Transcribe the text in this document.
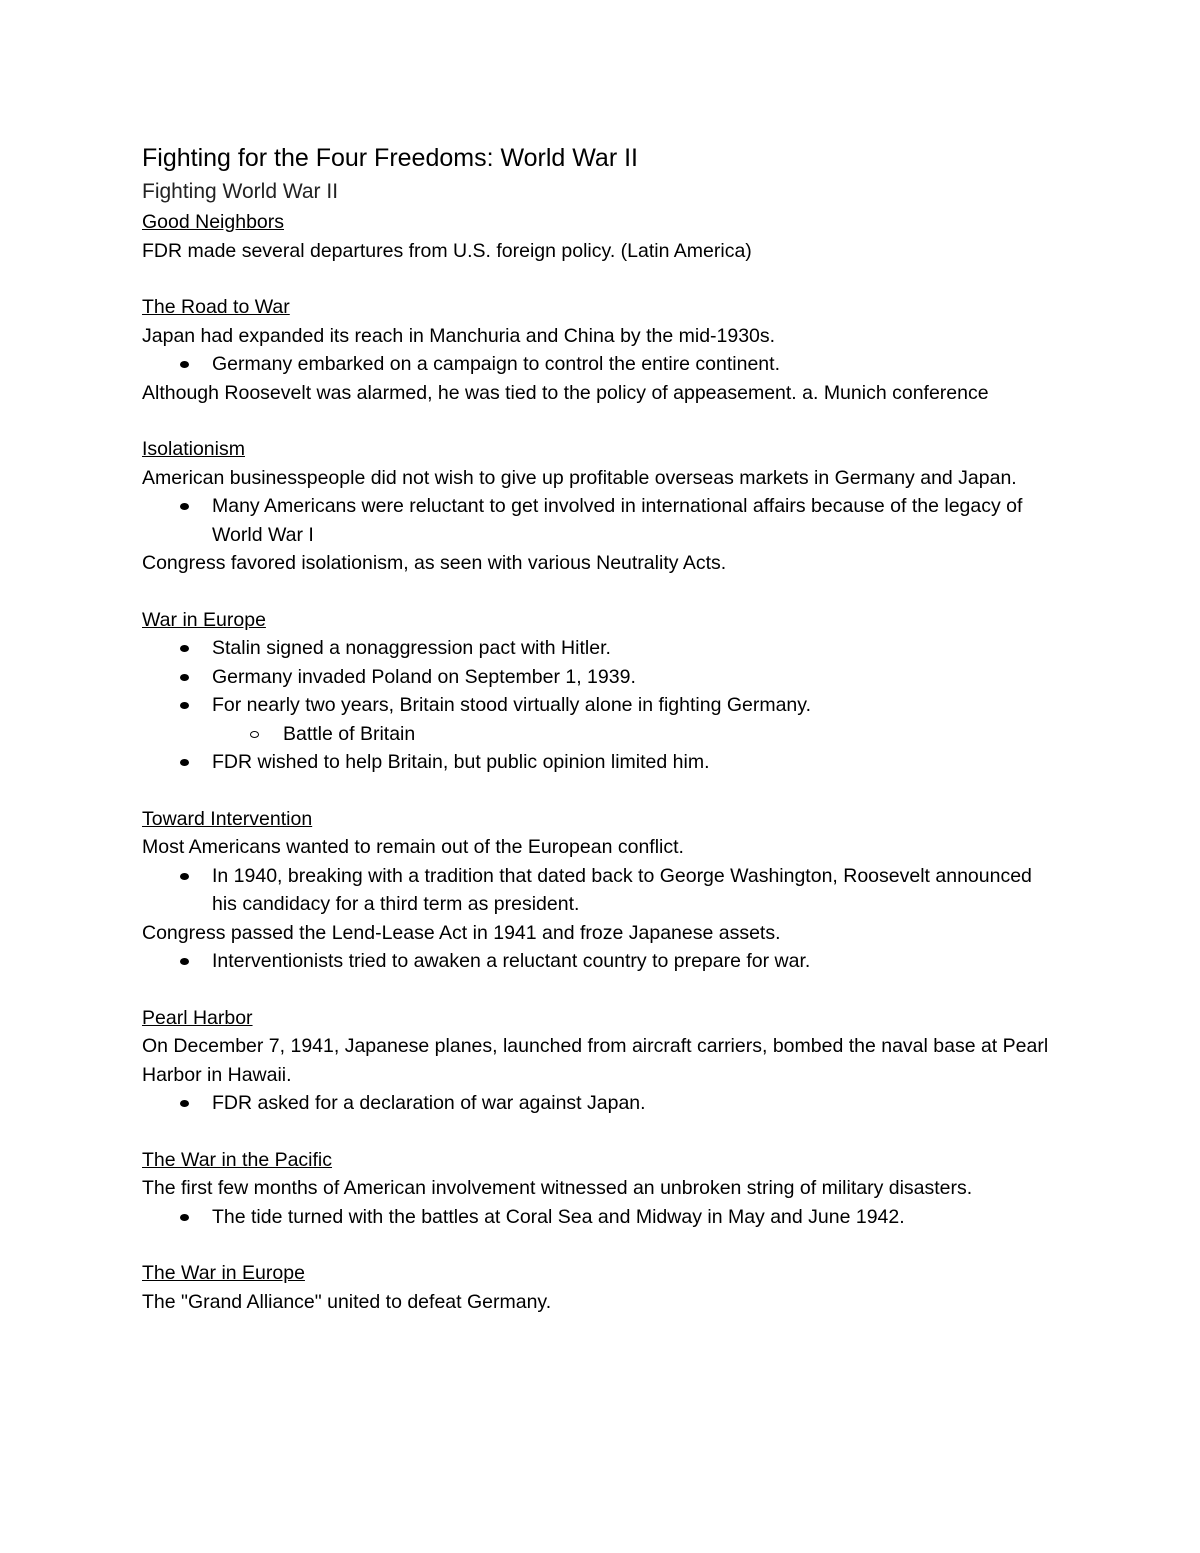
Fighting for the Four Freedoms: World War II
Fighting World War II
Good Neighbors
FDR made several departures from U.S. foreign policy. (Latin America)
The Road to War
Japan had expanded its reach in Manchuria and China by the mid-1930s.
Germany embarked on a campaign to control the entire continent.
Although Roosevelt was alarmed, he was tied to the policy of appeasement. a. Munich conference
Isolationism
American businesspeople did not wish to give up profitable overseas markets in Germany and Japan.
Many Americans were reluctant to get involved in international affairs because of the legacy of World War I
Congress favored isolationism, as seen with various Neutrality Acts.
War in Europe
Stalin signed a nonaggression pact with Hitler.
Germany invaded Poland on September 1, 1939.
For nearly two years, Britain stood virtually alone in fighting Germany.
Battle of Britain
FDR wished to help Britain, but public opinion limited him.
Toward Intervention
Most Americans wanted to remain out of the European conflict.
In 1940, breaking with a tradition that dated back to George Washington, Roosevelt announced his candidacy for a third term as president.
Congress passed the Lend-Lease Act in 1941 and froze Japanese assets.
Interventionists tried to awaken a reluctant country to prepare for war.
Pearl Harbor
On December 7, 1941, Japanese planes, launched from aircraft carriers, bombed the naval base at Pearl Harbor in Hawaii.
FDR asked for a declaration of war against Japan.
The War in the Pacific
The first few months of American involvement witnessed an unbroken string of military disasters.
The tide turned with the battles at Coral Sea and Midway in May and June 1942.
The War in Europe
The "Grand Alliance" united to defeat Germany.
